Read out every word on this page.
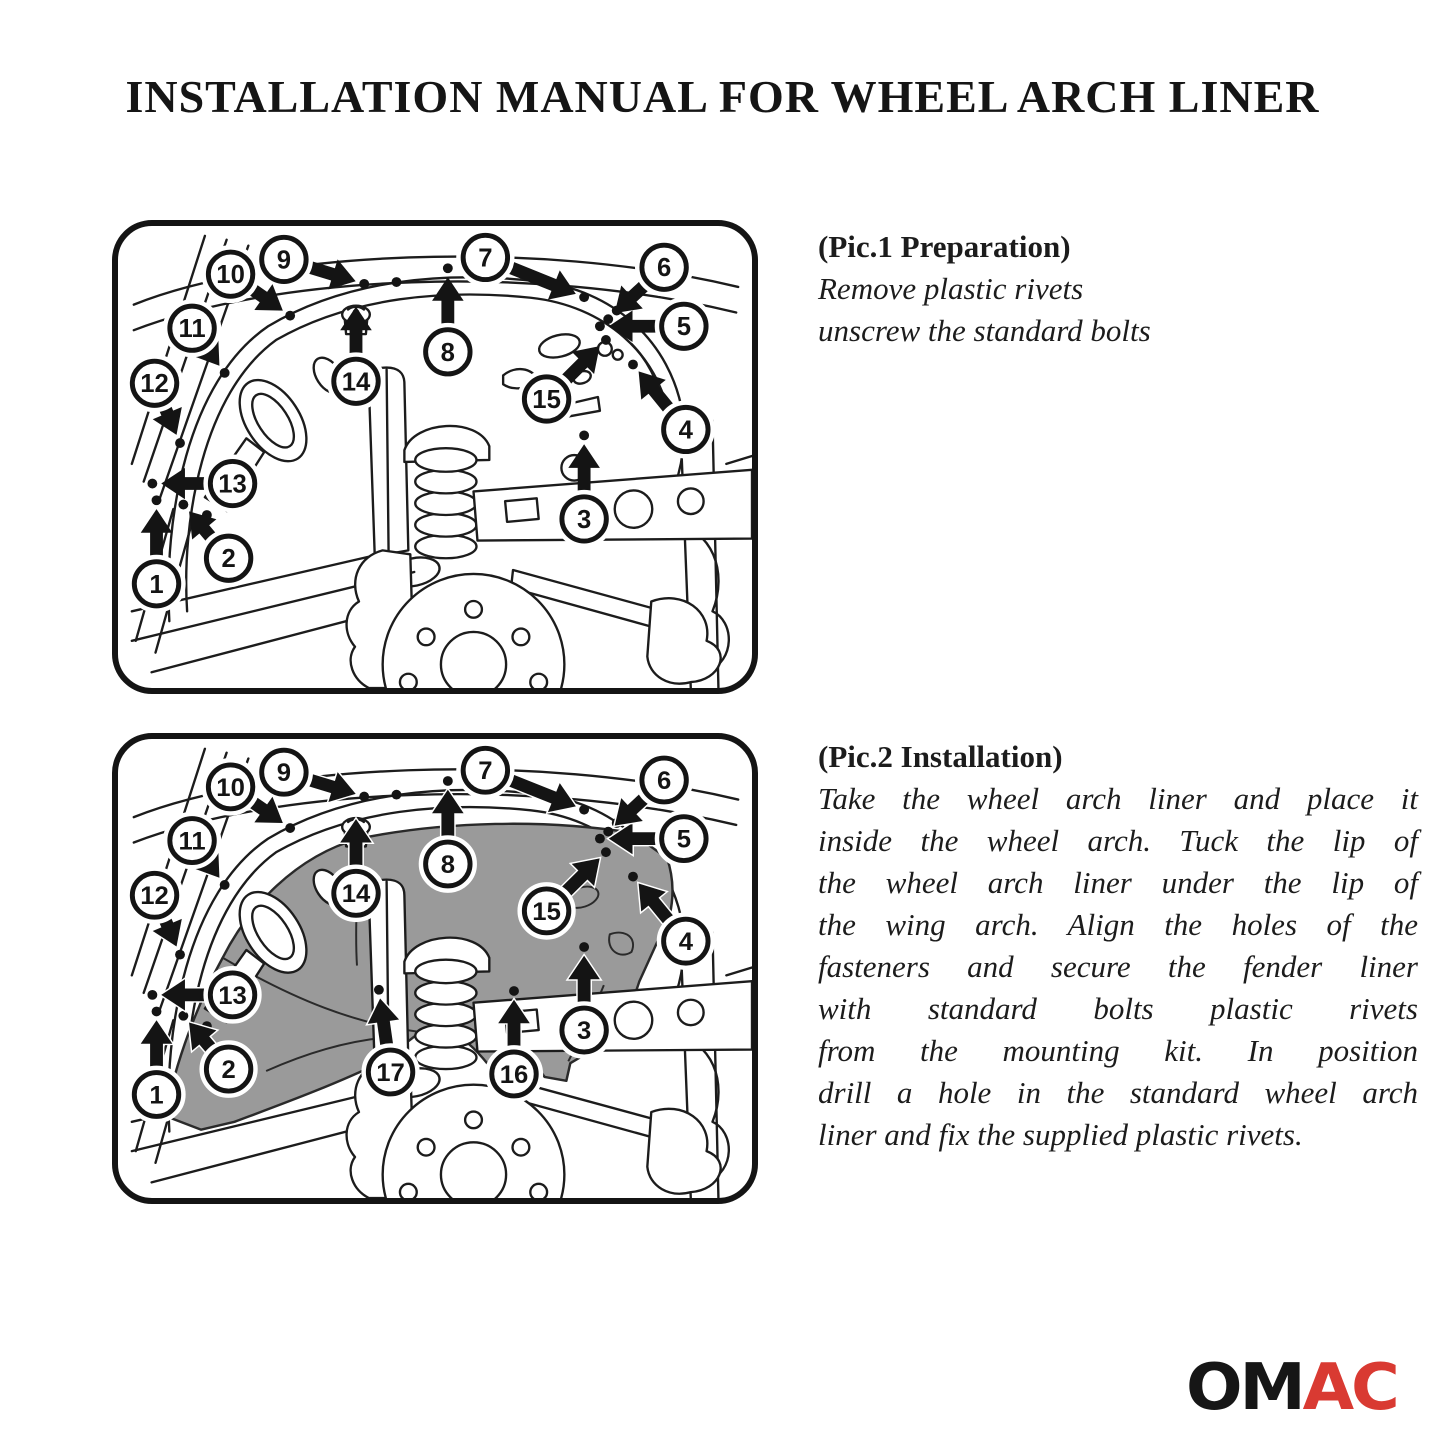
INSTALLATION MANUAL FOR WHEEL ARCH LINER
1
2
3
4
5
6
7
8
9
10
11
12
13
14
15
1
2
3
4
5
6
7
8
9
10
11
12
13
14
15
16
17
(Pic.1 Preparation)
Remove plastic rivets
unscrew the standard bolts
(Pic.2 Installation)
Take the wheel arch liner and place it
inside the wheel arch. Tuck the lip of
the wheel arch liner under the lip of
the wing arch. Align the holes of the
fasteners and secure the fender liner
with standard bolts plastic rivets
from the mounting kit. In position
drill a hole in the standard wheel arch
liner and fix the supplied plastic rivets.
OMAC
